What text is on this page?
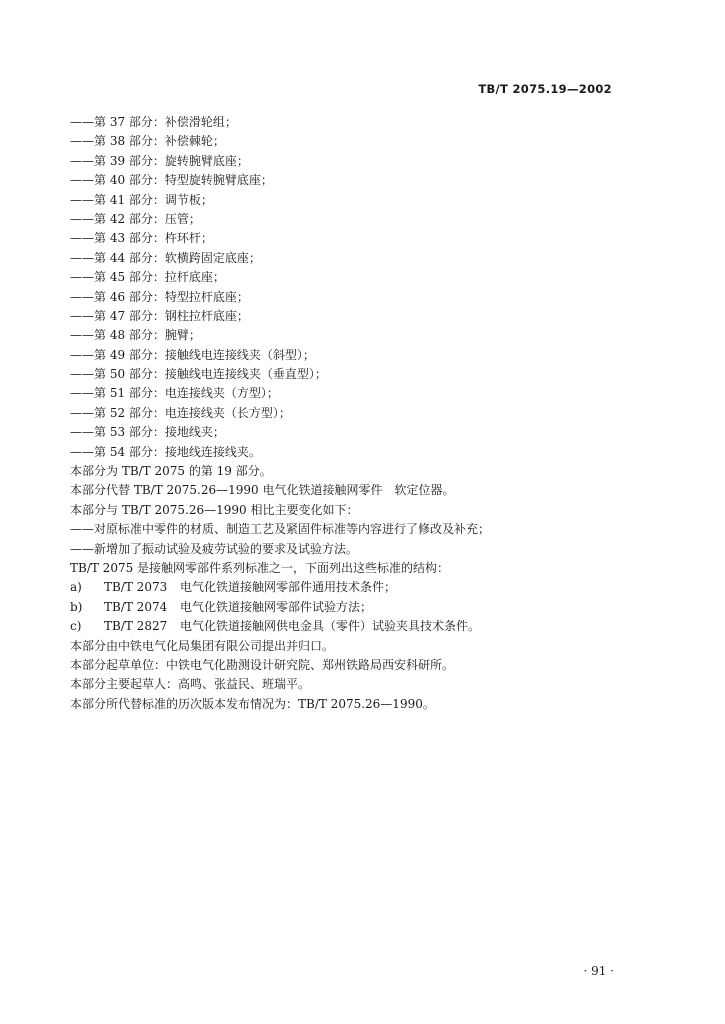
TB/T 2075.19—2002
——第 37 部分：补偿滑轮组；
——第 38 部分：补偿棘轮；
——第 39 部分：旋转腕臂底座；
——第 40 部分：特型旋转腕臂底座；
——第 41 部分：调节板；
——第 42 部分：压管；
——第 43 部分：杵环杆；
——第 44 部分：软横跨固定底座；
——第 45 部分：拉杆底座；
——第 46 部分：特型拉杆底座；
——第 47 部分：钢柱拉杆底座；
——第 48 部分：腕臂；
——第 49 部分：接触线电连接线夹（斜型）；
——第 50 部分：接触线电连接线夹（垂直型）；
——第 51 部分：电连接线夹（方型）；
——第 52 部分：电连接线夹（长方型）；
——第 53 部分：接地线夹；
——第 54 部分：接地线连接线夹。
本部分为 TB/T 2075 的第 19 部分。
本部分代替 TB/T 2075.26—1990 电气化铁道接触网零件　软定位器。
本部分与 TB/T 2075.26—1990 相比主要变化如下：
——对原标准中零件的材质、制造工艺及紧固件标准等内容进行了修改及补充；
——新增加了振动试验及疲劳试验的要求及试验方法。
TB/T 2075 是接触网零部件系列标准之一，下面列出这些标准的结构：
a) TB/T 2073 电气化铁道接触网零部件通用技术条件；
b) TB/T 2074 电气化铁道接触网零部件试验方法；
c) TB/T 2827 电气化铁道接触网供电金具（零件）试验夹具技术条件。
本部分由中铁电气化局集团有限公司提出并归口。
本部分起草单位：中铁电气化勘测设计研究院、郑州铁路局西安科研所。
本部分主要起草人：高鸣、张益民、班瑞平。
本部分所代替标准的历次版本发布情况为：TB/T 2075.26—1990。
· 91 ·
